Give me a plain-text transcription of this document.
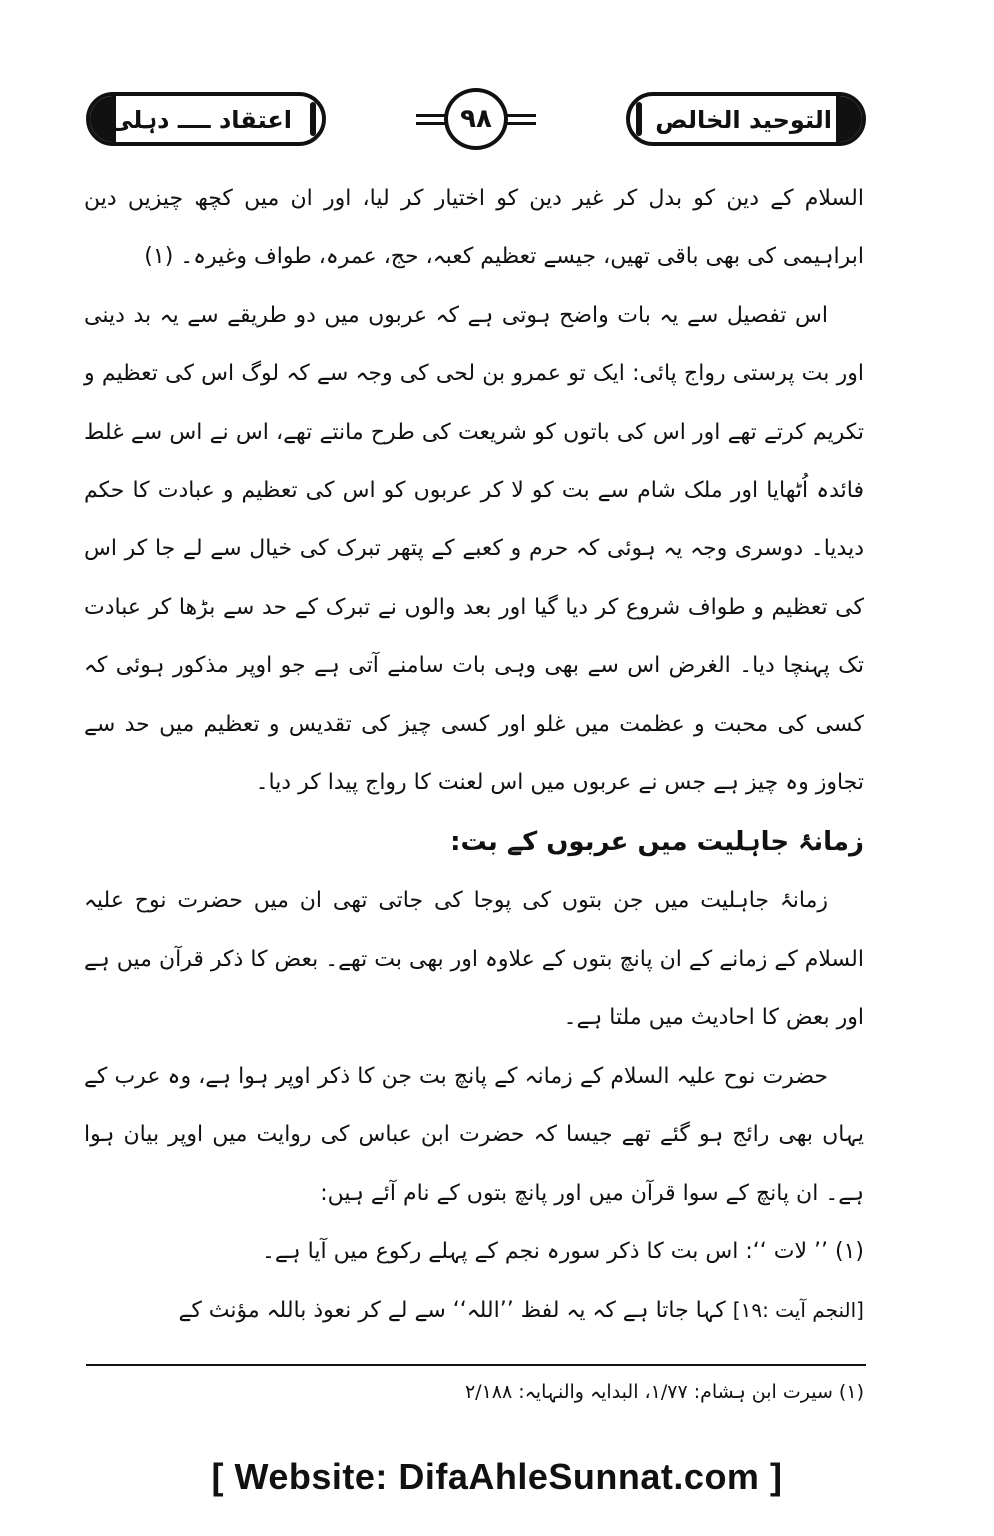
التوحید الخالص
۹۸
اعتقاد ــــ دہلی

السلام کے دین کو بدل کر غیر دین کو اختیار کر لیا، اور ان میں کچھ چیزیں دین ابراہیمی کی بھی باقی تھیں، جیسے تعظیم کعبہ، حج، عمرہ، طواف وغیرہ۔ (۱)

اس تفصیل سے یہ بات واضح ہوتی ہے کہ عربوں میں دو طریقے سے یہ بد دینی اور بت پرستی رواج پائی: ایک تو عمرو بن لحی کی وجہ سے کہ لوگ اس کی تعظیم و تکریم کرتے تھے اور اس کی باتوں کو شریعت کی طرح مانتے تھے، اس نے اس سے غلط فائدہ اُٹھایا اور ملک شام سے بت کو لا کر عربوں کو اس کی تعظیم و عبادت کا حکم دیدیا۔ دوسری وجہ یہ ہوئی کہ حرم و کعبے کے پتھر تبرک کی خیال سے لے جا کر اس کی تعظیم و طواف شروع کر دیا گیا اور بعد والوں نے تبرک کے حد سے بڑھا کر عبادت تک پہنچا دیا۔ الغرض اس سے بھی وہی بات سامنے آتی ہے جو اوپر مذکور ہوئی کہ کسی کی محبت و عظمت میں غلو اور کسی چیز کی تقدیس و تعظیم میں حد سے تجاوز وہ چیز ہے جس نے عربوں میں اس لعنت کا رواج پیدا کر دیا۔

زمانۂ جاہلیت میں عربوں کے بت:

زمانۂ جاہلیت میں جن بتوں کی پوجا کی جاتی تھی ان میں حضرت نوح علیہ السلام کے زمانے کے ان پانچ بتوں کے علاوہ اور بھی بت تھے۔ بعض کا ذکر قرآن میں ہے اور بعض کا احادیث میں ملتا ہے۔

حضرت نوح علیہ السلام کے زمانہ کے پانچ بت جن کا ذکر اوپر ہوا ہے، وہ عرب کے یہاں بھی رائج ہو گئے تھے جیسا کہ حضرت ابن عباس کی روایت میں اوپر بیان ہوا ہے۔ ان پانچ کے سوا قرآن میں اور پانچ بتوں کے نام آئے ہیں:

(۱) ’’ لات ‘‘: اس بت کا ذکر سورہ نجم کے پہلے رکوع میں آیا ہے۔

[النجم آیت :۱۹] کہا جاتا ہے کہ یہ لفظ ’’اللہ‘‘ سے لے کر نعوذ باللہ مؤنث کے

(۱) سیرت ابن ہشام: ۱/۷۷، البدایہ والنہایہ: ۲/۱۸۸
[ Website: DifaAhleSunnat.com ]
